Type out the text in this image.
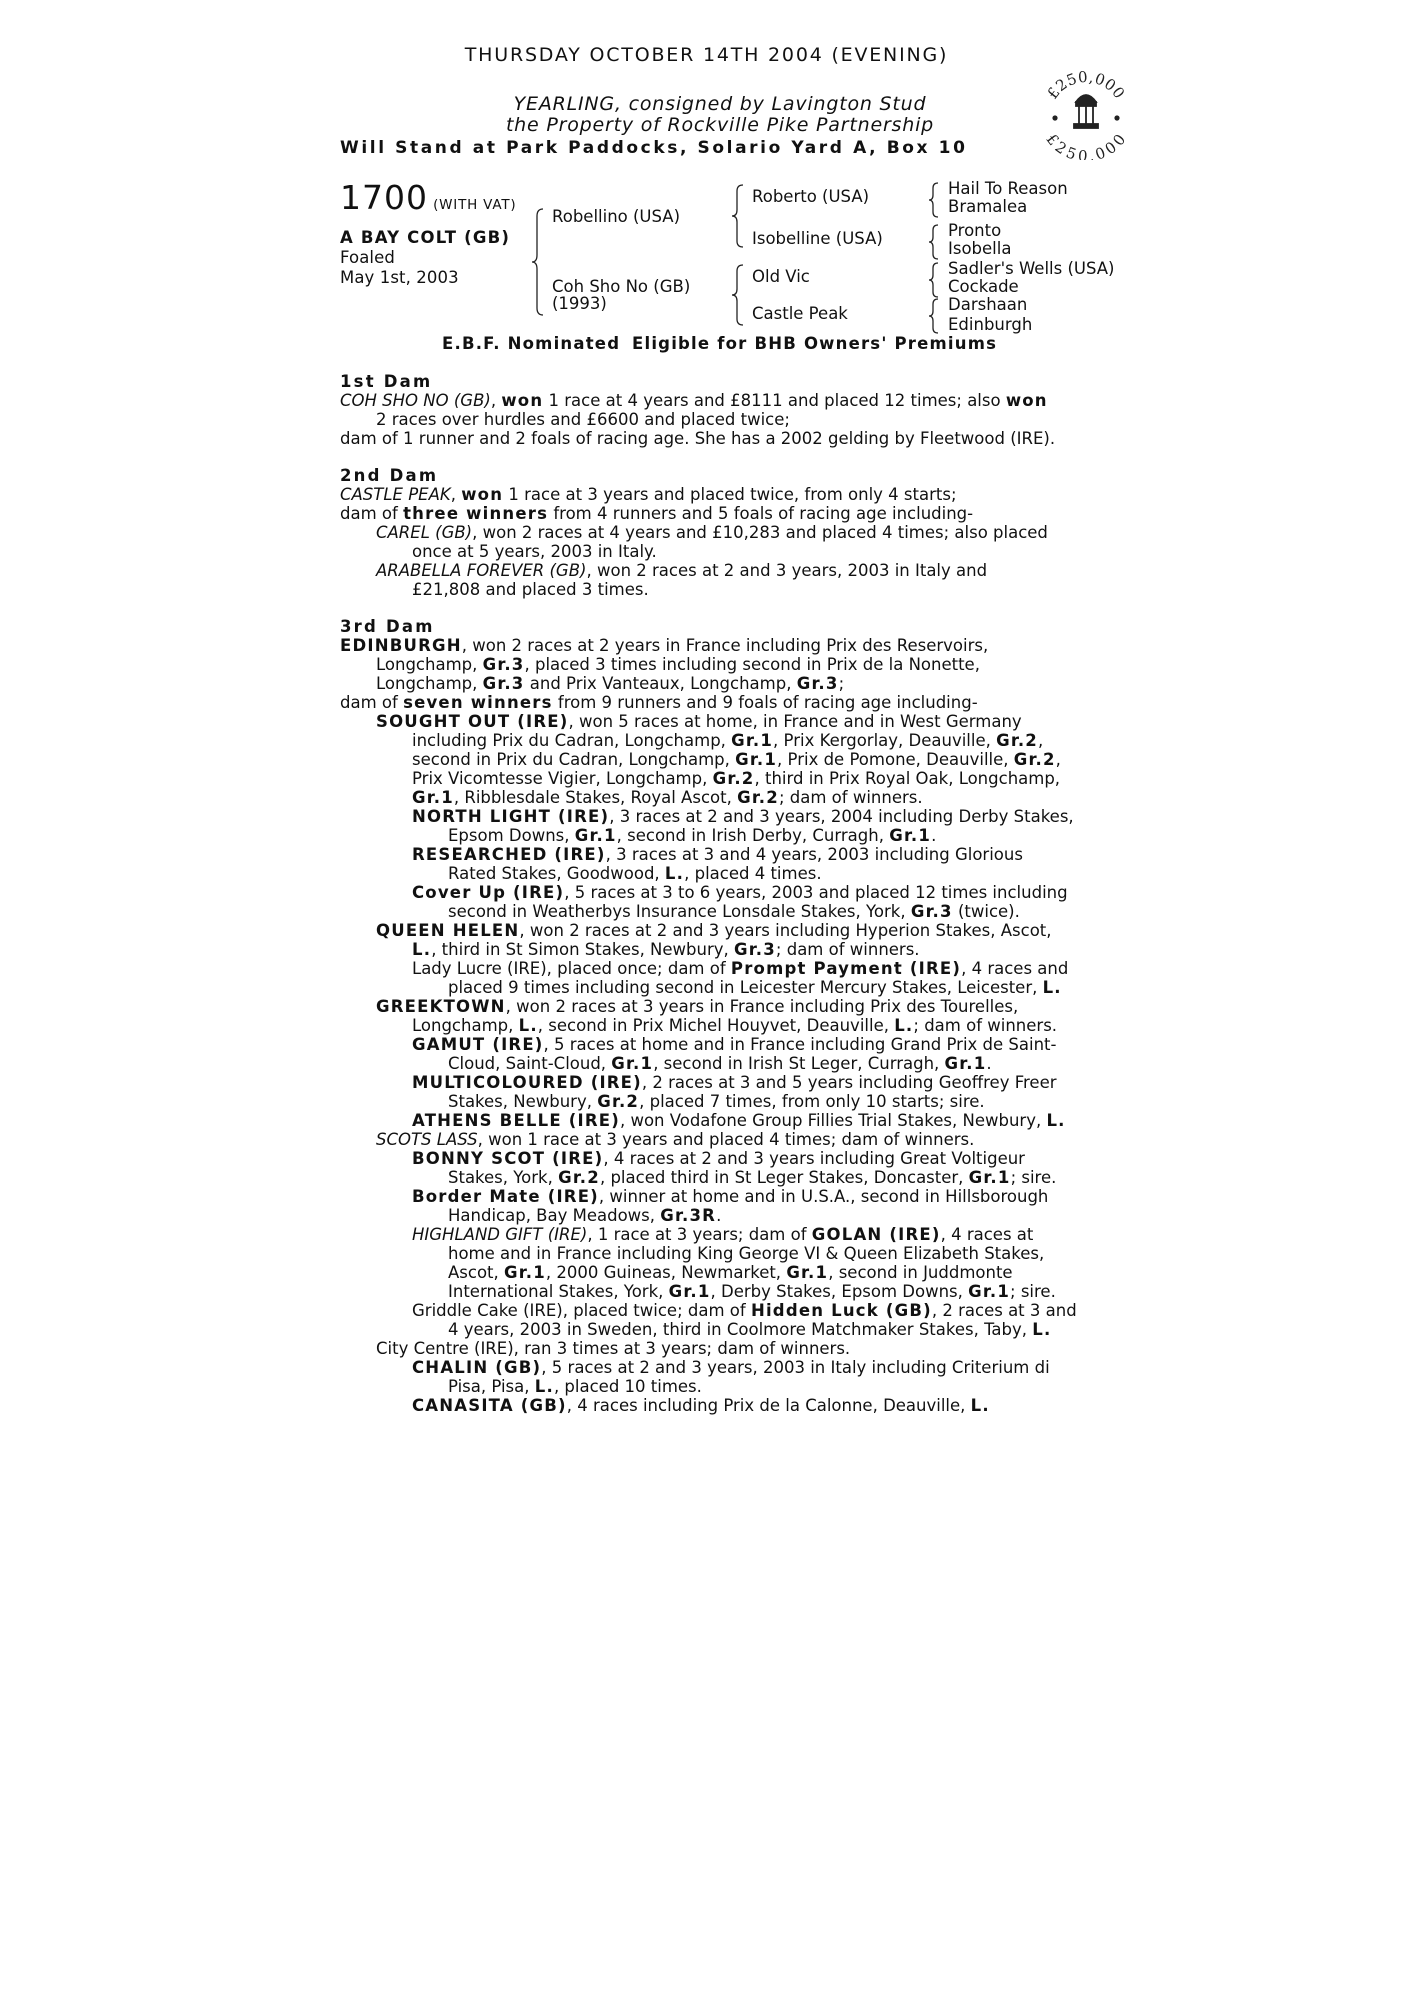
THURSDAY OCTOBER 14TH 2004 (EVENING)
YEARLING, consigned by Lavington Stud
the Property of Rockville Pike Partnership
Will Stand at Park Paddocks, Solario Yard A, Box 10
£250,000
£250,000
1700 (WITH VAT)
A BAY COLT (GB)
Foaled
May 1st, 2003
Robellino (USA)
Coh Sho No (GB)
(1993)
Roberto (USA)
Isobelline (USA)
Old Vic
Castle Peak
Hail To Reason
Bramalea
Pronto
Isobella
Sadler's Wells (USA)
Cockade
Darshaan
Edinburgh
E.B.F. Nominated Eligible for BHB Owners' Premiums
1st Dam
COH SHO NO (GB), won 1 race at 4 years and £8111 and placed 12 times; also won
2 races over hurdles and £6600 and placed twice;
dam of 1 runner and 2 foals of racing age. She has a 2002 gelding by Fleetwood (IRE).
2nd Dam
CASTLE PEAK, won 1 race at 3 years and placed twice, from only 4 starts;
dam of three winners from 4 runners and 5 foals of racing age including-
CAREL (GB), won 2 races at 4 years and £10,283 and placed 4 times; also placed
once at 5 years, 2003 in Italy.
ARABELLA FOREVER (GB), won 2 races at 2 and 3 years, 2003 in Italy and
£21,808 and placed 3 times.
3rd Dam
EDINBURGH, won 2 races at 2 years in France including Prix des Reservoirs,
Longchamp, Gr.3, placed 3 times including second in Prix de la Nonette,
Longchamp, Gr.3 and Prix Vanteaux, Longchamp, Gr.3;
dam of seven winners from 9 runners and 9 foals of racing age including-
SOUGHT OUT (IRE), won 5 races at home, in France and in West Germany
including Prix du Cadran, Longchamp, Gr.1, Prix Kergorlay, Deauville, Gr.2,
second in Prix du Cadran, Longchamp, Gr.1, Prix de Pomone, Deauville, Gr.2,
Prix Vicomtesse Vigier, Longchamp, Gr.2, third in Prix Royal Oak, Longchamp,
Gr.1, Ribblesdale Stakes, Royal Ascot, Gr.2; dam of winners.
NORTH LIGHT (IRE), 3 races at 2 and 3 years, 2004 including Derby Stakes,
Epsom Downs, Gr.1, second in Irish Derby, Curragh, Gr.1.
RESEARCHED (IRE), 3 races at 3 and 4 years, 2003 including Glorious
Rated Stakes, Goodwood, L., placed 4 times.
Cover Up (IRE), 5 races at 3 to 6 years, 2003 and placed 12 times including
second in Weatherbys Insurance Lonsdale Stakes, York, Gr.3 (twice).
QUEEN HELEN, won 2 races at 2 and 3 years including Hyperion Stakes, Ascot,
L., third in St Simon Stakes, Newbury, Gr.3; dam of winners.
Lady Lucre (IRE), placed once; dam of Prompt Payment (IRE), 4 races and
placed 9 times including second in Leicester Mercury Stakes, Leicester, L.
GREEKTOWN, won 2 races at 3 years in France including Prix des Tourelles,
Longchamp, L., second in Prix Michel Houyvet, Deauville, L.; dam of winners.
GAMUT (IRE), 5 races at home and in France including Grand Prix de Saint-
Cloud, Saint-Cloud, Gr.1, second in Irish St Leger, Curragh, Gr.1.
MULTICOLOURED (IRE), 2 races at 3 and 5 years including Geoffrey Freer
Stakes, Newbury, Gr.2, placed 7 times, from only 10 starts; sire.
ATHENS BELLE (IRE), won Vodafone Group Fillies Trial Stakes, Newbury, L.
SCOTS LASS, won 1 race at 3 years and placed 4 times; dam of winners.
BONNY SCOT (IRE), 4 races at 2 and 3 years including Great Voltigeur
Stakes, York, Gr.2, placed third in St Leger Stakes, Doncaster, Gr.1; sire.
Border Mate (IRE), winner at home and in U.S.A., second in Hillsborough
Handicap, Bay Meadows, Gr.3R.
HIGHLAND GIFT (IRE), 1 race at 3 years; dam of GOLAN (IRE), 4 races at
home and in France including King George VI & Queen Elizabeth Stakes,
Ascot, Gr.1, 2000 Guineas, Newmarket, Gr.1, second in Juddmonte
International Stakes, York, Gr.1, Derby Stakes, Epsom Downs, Gr.1; sire.
Griddle Cake (IRE), placed twice; dam of Hidden Luck (GB), 2 races at 3 and
4 years, 2003 in Sweden, third in Coolmore Matchmaker Stakes, Taby, L.
City Centre (IRE), ran 3 times at 3 years; dam of winners.
CHALIN (GB), 5 races at 2 and 3 years, 2003 in Italy including Criterium di
Pisa, Pisa, L., placed 10 times.
CANASITA (GB), 4 races including Prix de la Calonne, Deauville, L.
